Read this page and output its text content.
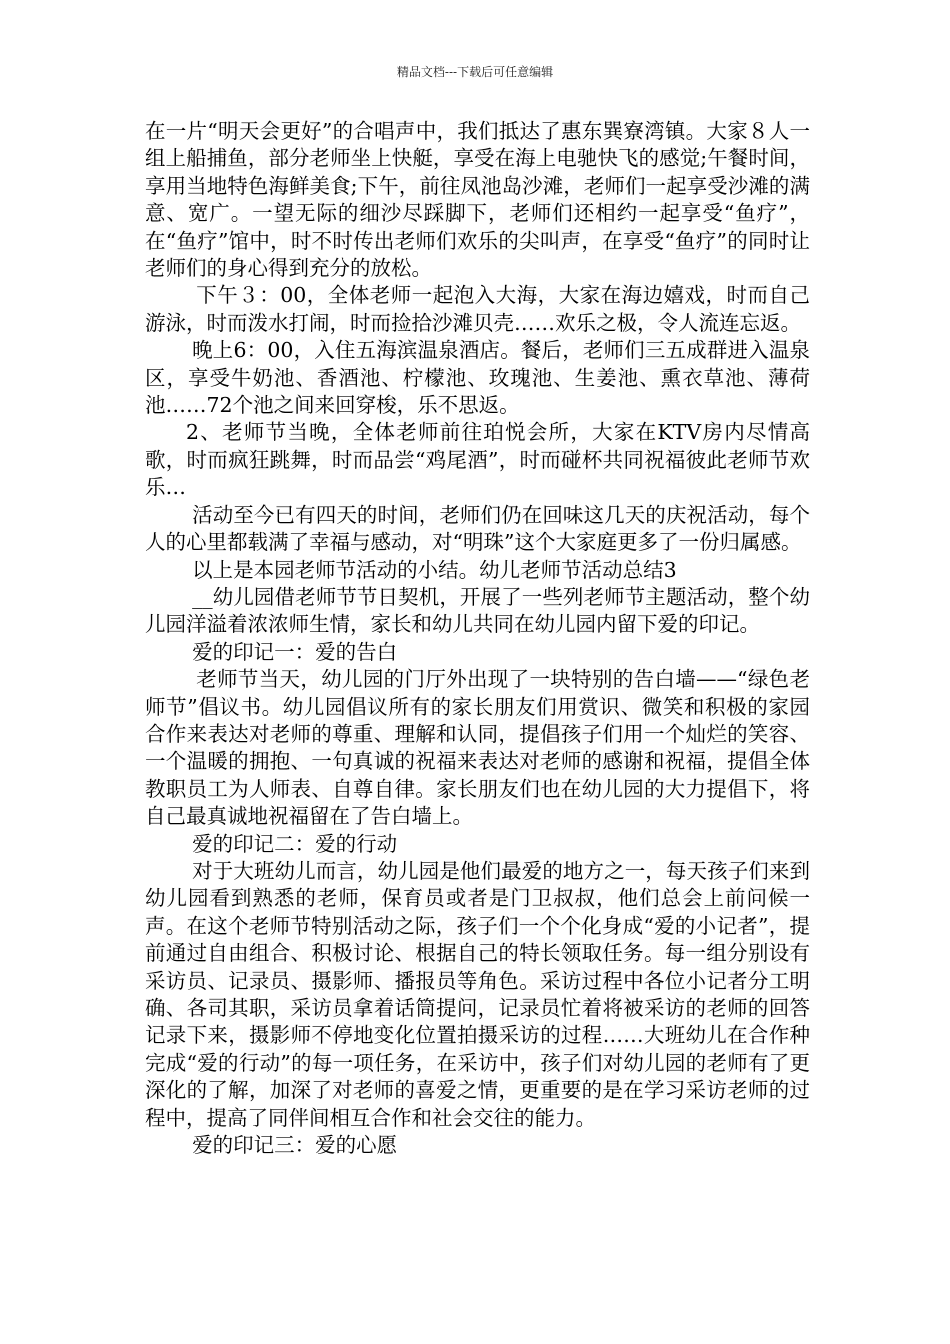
精品文档---下载后可任意编辑

在一片“明天会更好”的合唱声中，我们抵达了惠东巽寮湾镇。大家８人一组上船捕鱼，部分老师坐上快艇，享受在海上电驰快飞的感觉;午餐时间，享用当地特色海鲜美食;下午，前往凤池岛沙滩，老师们一起享受沙滩的满意、宽广。一望无际的细沙尽踩脚下，老师们还相约一起享受“鱼疗”，在“鱼疗”馆中，时不时传出老师们欢乐的尖叫声，在享受“鱼疗”的同时让老师们的身心得到充分的放松。

下午３：00，全体老师一起泡入大海，大家在海边嬉戏，时而自己游泳，时而泼水打闹，时而捡拾沙滩贝壳……欢乐之极，令人流连忘返。

晚上6：00，入住五海滨温泉酒店。餐后，老师们三五成群进入温泉区，享受牛奶池、香酒池、柠檬池、玫瑰池、生姜池、熏衣草池、薄荷池……72个池之间来回穿梭，乐不思返。

2、老师节当晚，全体老师前往珀悦会所，大家在KTV房内尽情高歌，时而疯狂跳舞，时而品尝“鸡尾酒”，时而碰杯共同祝福彼此老师节欢乐…

活动至今已有四天的时间，老师们仍在回味这几天的庆祝活动，每个人的心里都载满了幸福与感动，对“明珠”这个大家庭更多了一份归属感。

以上是本园老师节活动的小结。幼儿老师节活动总结3

__幼儿园借老师节节日契机，开展了一些列老师节主题活动，整个幼儿园洋溢着浓浓师生情，家长和幼儿共同在幼儿园内留下爱的印记。

爱的印记一：爱的告白

老师节当天，幼儿园的门厅外出现了一块特别的告白墙——“绿色老师节”倡议书。幼儿园倡议所有的家长朋友们用赏识、微笑和积极的家园合作来表达对老师的尊重、理解和认同，提倡孩子们用一个灿烂的笑容、一个温暖的拥抱、一句真诚的祝福来表达对老师的感谢和祝福，提倡全体教职员工为人师表、自尊自律。家长朋友们也在幼儿园的大力提倡下，将自己最真诚地祝福留在了告白墙上。

爱的印记二：爱的行动

对于大班幼儿而言，幼儿园是他们最爱的地方之一，每天孩子们来到幼儿园看到熟悉的老师，保育员或者是门卫叔叔，他们总会上前问候一声。在这个老师节特别活动之际，孩子们一个个化身成“爱的小记者”，提前通过自由组合、积极讨论、根据自己的特长领取任务。每一组分别设有采访员、记录员、摄影师、播报员等角色。采访过程中各位小记者分工明确、各司其职，采访员拿着话筒提问，记录员忙着将被采访的老师的回答记录下来，摄影师不停地变化位置拍摄采访的过程……大班幼儿在合作种完成“爱的行动”的每一项任务，在采访中，孩子们对幼儿园的老师有了更深化的了解，加深了对老师的喜爱之情，更重要的是在学习采访老师的过程中，提高了同伴间相互合作和社会交往的能力。

爱的印记三：爱的心愿
